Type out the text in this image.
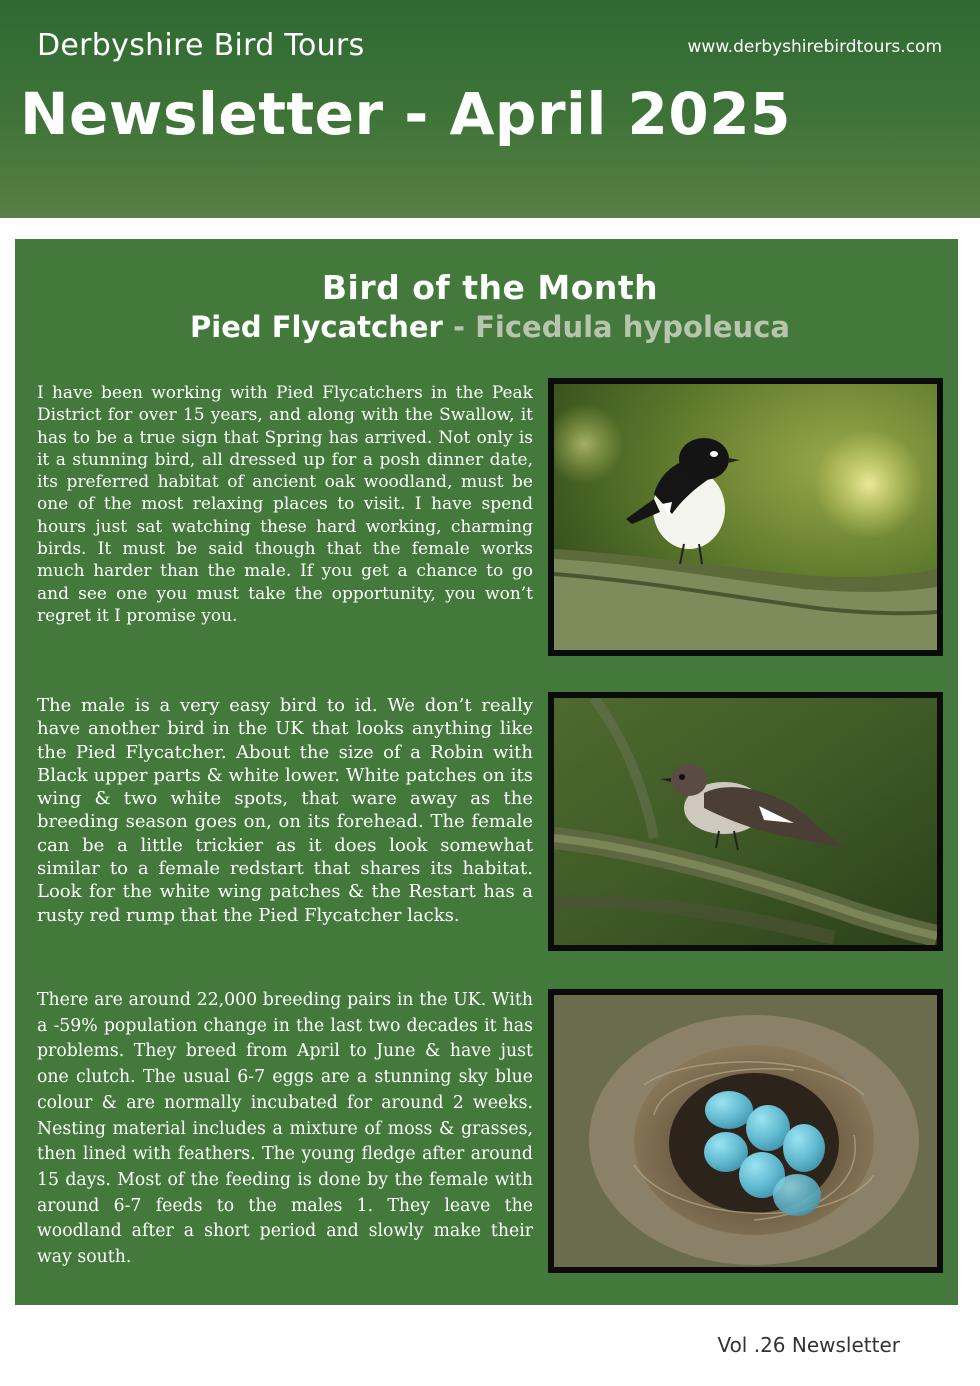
Derbyshire Bird Tours	www.derbyshirebirdtours.com
Newsletter - April 2025
Bird of the Month
Pied Flycatcher - Ficedula hypoleuca

I have been working with Pied Flycatchers in the Peak District for over 15 years, and along with the Swallow, it has to be a true sign that Spring has arrived. Not only is it a stunning bird, all dressed up for a posh dinner date, its preferred habitat of ancient oak woodland, must be one of the most relaxing places to visit. I have spend hours just sat watching these hard working, charming birds. It must be said though that the female works much harder than the male. If you get a chance to go and see one you must take the opportunity, you won’t regret it I promise you.

The male is a very easy bird to id. We don’t really have another bird in the UK that looks anything like the Pied Flycatcher. About the size of a Robin with Black upper parts & white lower. White patches on its wing & two white spots, that ware away as the breeding season goes on, on its forehead. The female can be a little trickier as it does look somewhat similar to a female redstart that shares its habitat. Look for the white wing patches & the Restart has a rusty red rump that the Pied Flycatcher lacks.

There are around 22,000 breeding pairs in the UK. With a -59% population change in the last two decades it has problems. They breed from April to June & have just one clutch. The usual 6-7 eggs are a stunning sky blue colour & are normally incubated for around 2 weeks. Nesting material includes a mixture of moss & grasses, then lined with feathers. The young fledge after around 15 days. Most of the feeding is done by the female with around 6-7 feeds to the males 1. They leave the woodland after a short period and slowly make their way south.

Vol .26 Newsletter
